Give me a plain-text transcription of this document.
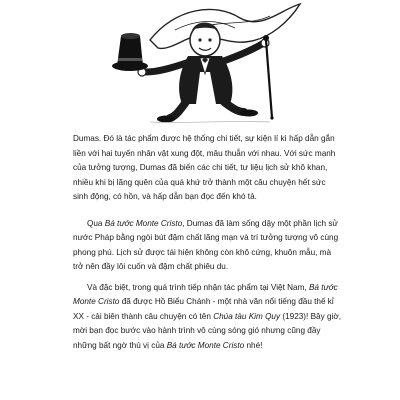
Dumas. Đó là tác phẩm được hệ thống chi tiết, sự kiện lí kì hấp dẫn gắn liền với hai tuyến nhân vật xung đột, mâu thuẫn với nhau. Với sức mạnh của tưởng tượng, Dumas đã biến các chi tiết, tư liệu lịch sử khô khan, nhiều khi bị lãng quên của quá khứ trở thành một câu chuyện hết sức sinh động, có hồn, và hấp dẫn bạn đọc đến khó tả.

Qua Bá tước Monte Cristo, Dumas đã làm sống dậy một phần lịch sử nước Pháp bằng ngòi bút đậm chất lãng mạn và trí tưởng tượng vô cùng phong phú. Lịch sử được tái hiện không còn khô cứng, khuôn mẫu, mà trở nên đầy lôi cuốn và đậm chất phiêu du.

Và đặc biệt, trong quá trình tiếp nhận tác phẩm tại Việt Nam, Bá tước Monte Cristo đã được Hồ Biểu Chánh - một nhà văn nổi tiếng đầu thế kỉ XX - cải biên thành câu chuyện có tên Chúa tàu Kim Quy (1923)! Bây giờ, mời bạn đọc bước vào hành trình vô cùng sóng gió nhưng cũng đầy những bất ngờ thú vị của Bá tước Monte Cristo nhé!
